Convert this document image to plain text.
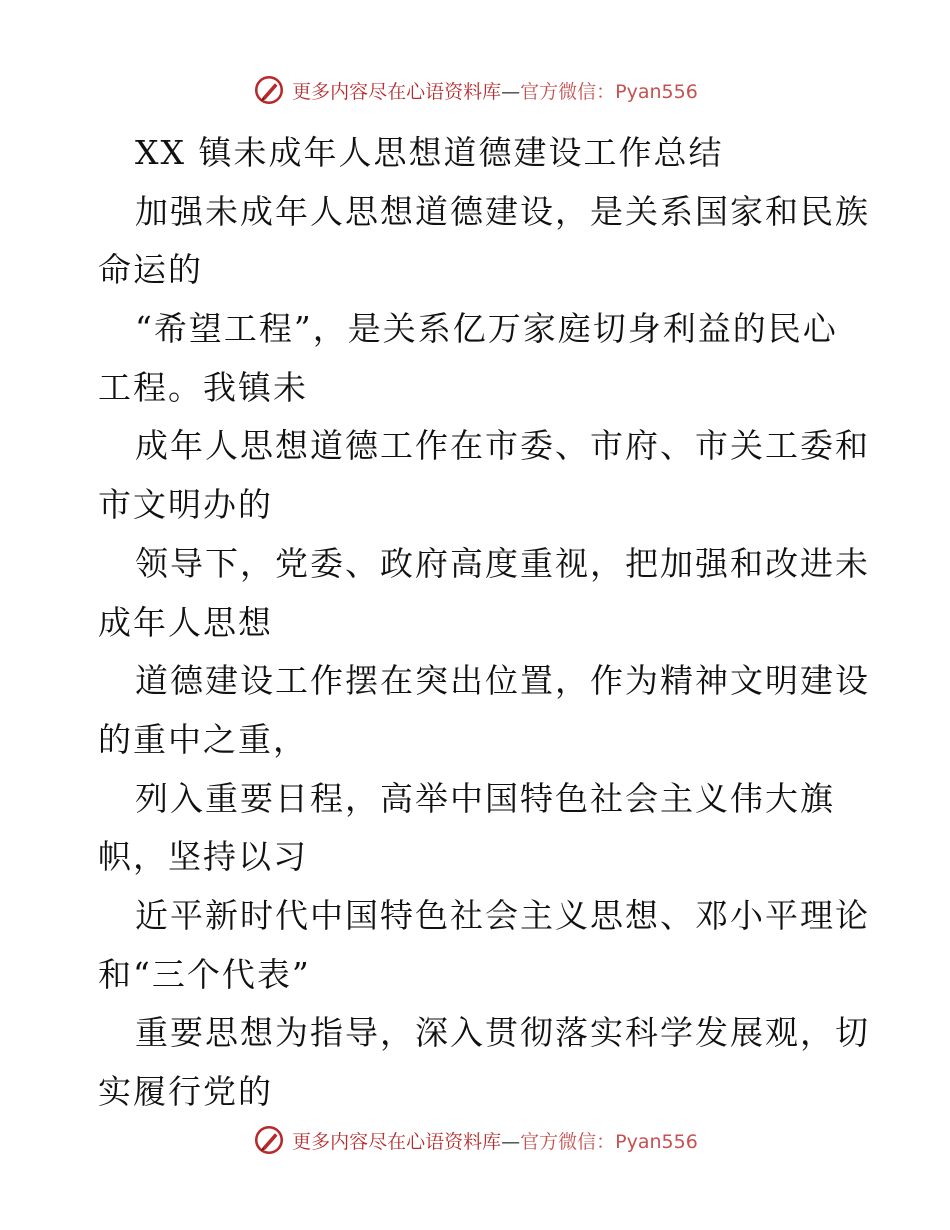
更多内容尽在心语资料库—官方微信：Pyan556
XX 镇未成年人思想道德建设工作总结
加强未成年人思想道德建设，是关系国家和民族
命运的
“希望工程”，是关系亿万家庭切身利益的民心
工程。我镇未
成年人思想道德工作在市委、市府、市关工委和
市文明办的
领导下，党委、政府高度重视，把加强和改进未
成年人思想
道德建设工作摆在突出位置，作为精神文明建设
的重中之重，
列入重要日程，高举中国特色社会主义伟大旗
帜，坚持以习
近平新时代中国特色社会主义思想、邓小平理论
和“三个代表”
重要思想为指导，深入贯彻落实科学发展观，切
实履行党的
更多内容尽在心语资料库—官方微信：Pyan556
